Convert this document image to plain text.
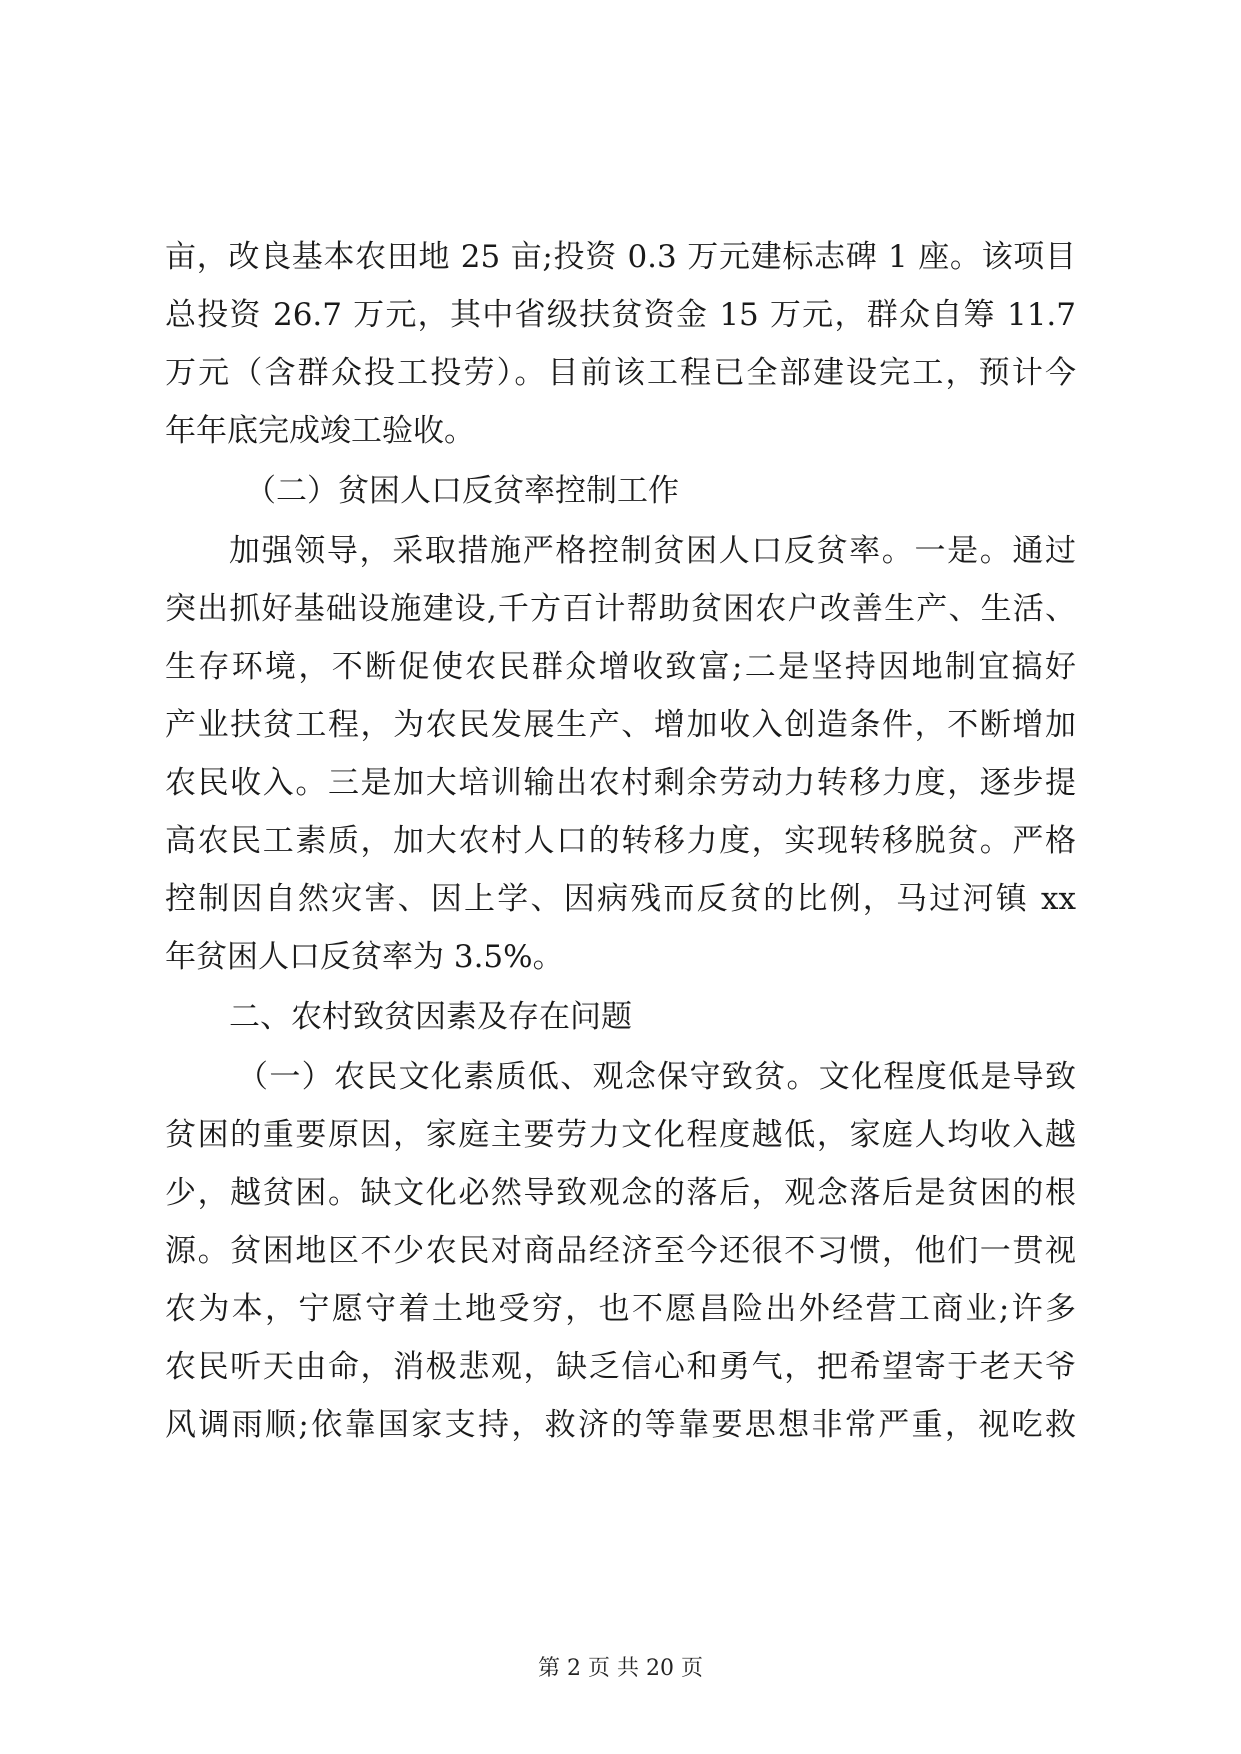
亩，改良基本农田地 25 亩;投资 0.3 万元建标志碑 1 座。该项目
总投资 26.7 万元，其中省级扶贫资金 15 万元，群众自筹 11.7
万元（含群众投工投劳）。目前该工程已全部建设完工，预计今
年年底完成竣工验收。
（二）贫困人口反贫率控制工作
加强领导，采取措施严格控制贫困人口反贫率。一是。通过
突出抓好基础设施建设,千方百计帮助贫困农户改善生产、生活、
生存环境，不断促使农民群众增收致富;二是坚持因地制宜搞好
产业扶贫工程，为农民发展生产、增加收入创造条件，不断增加
农民收入。三是加大培训输出农村剩余劳动力转移力度，逐步提
高农民工素质，加大农村人口的转移力度，实现转移脱贫。严格
控制因自然灾害、因上学、因病残而反贫的比例，马过河镇 xx
年贫困人口反贫率为 3.5%。
二、农村致贫因素及存在问题
（一）农民文化素质低、观念保守致贫。文化程度低是导致
贫困的重要原因，家庭主要劳力文化程度越低，家庭人均收入越
少，越贫困。缺文化必然导致观念的落后，观念落后是贫困的根
源。贫困地区不少农民对商品经济至今还很不习惯，他们一贯视
农为本，宁愿守着土地受穷，也不愿昌险出外经营工商业;许多
农民听天由命，消极悲观，缺乏信心和勇气，把希望寄于老天爷
风调雨顺;依靠国家支持，救济的等靠要思想非常严重，视吃救
第 2 页 共 20 页
